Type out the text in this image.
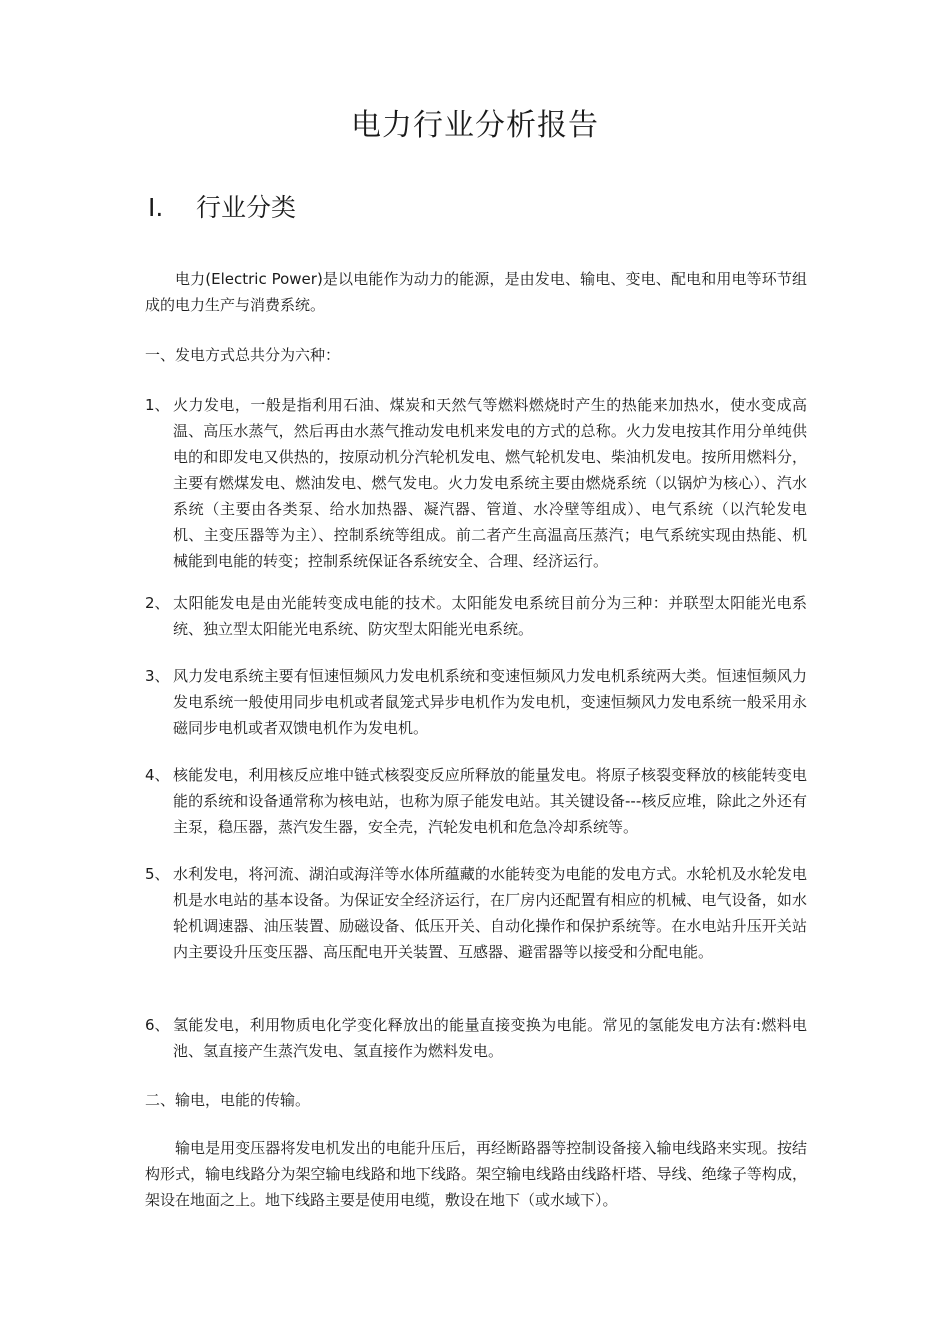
电力行业分析报告
Ⅰ. 行业分类

电力(Electric Power)是以电能作为动力的能源，是由发电、输电、变电、配电和用电等环节组成的电力生产与消费系统。

一、发电方式总共分为六种：

1、 火力发电，一般是指利用石油、煤炭和天然气等燃料燃烧时产生的热能来加热水，使水变成高温、高压水蒸气，然后再由水蒸气推动发电机来发电的方式的总称。火力发电按其作用分单纯供电的和即发电又供热的，按原动机分汽轮机发电、燃气轮机发电、柴油机发电。按所用燃料分，主要有燃煤发电、燃油发电、燃气发电。火力发电系统主要由燃烧系统（以锅炉为核心）、汽水系统（主要由各类泵、给水加热器、凝汽器、管道、水冷壁等组成）、电气系统（以汽轮发电机、主变压器等为主）、控制系统等组成。前二者产生高温高压蒸汽；电气系统实现由热能、机械能到电能的转变；控制系统保证各系统安全、合理、经济运行。
2、 太阳能发电是由光能转变成电能的技术。太阳能发电系统目前分为三种：并联型太阳能光电系统、独立型太阳能光电系统、防灾型太阳能光电系统。
3、 风力发电系统主要有恒速恒频风力发电机系统和变速恒频风力发电机系统两大类。恒速恒频风力发电系统一般使用同步电机或者鼠笼式异步电机作为发电机，变速恒频风力发电系统一般采用永磁同步电机或者双馈电机作为发电机。
4、 核能发电，利用核反应堆中链式核裂变反应所释放的能量发电。将原子核裂变释放的核能转变电能的系统和设备通常称为核电站，也称为原子能发电站。其关键设备---核反应堆，除此之外还有主泵，稳压器，蒸汽发生器，安全壳，汽轮发电机和危急冷却系统等。
5、 水利发电，将河流、湖泊或海洋等水体所蕴藏的水能转变为电能的发电方式。水轮机及水轮发电机是水电站的基本设备。为保证安全经济运行，在厂房内还配置有相应的机械、电气设备，如水轮机调速器、油压装置、励磁设备、低压开关、自动化操作和保护系统等。在水电站升压开关站内主要设升压变压器、高压配电开关装置、互感器、避雷器等以接受和分配电能。
6、 氢能发电，利用物质电化学变化释放出的能量直接变换为电能。常见的氢能发电方法有:燃料电池、氢直接产生蒸汽发电、氢直接作为燃料发电。

二、输电，电能的传输。

输电是用变压器将发电机发出的电能升压后，再经断路器等控制设备接入输电线路来实现。按结构形式，输电线路分为架空输电线路和地下线路。架空输电线路由线路杆塔、导线、绝缘子等构成，架设在地面之上。地下线路主要是使用电缆，敷设在地下（或水域下）。
